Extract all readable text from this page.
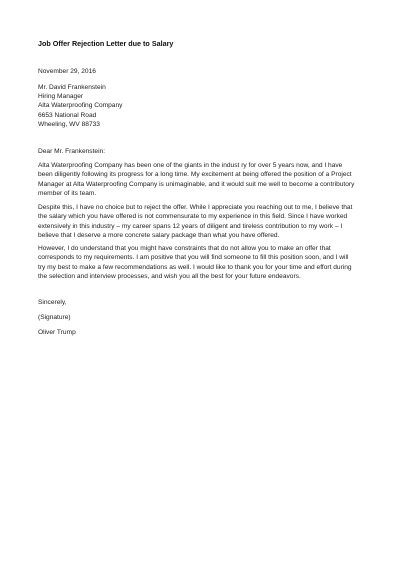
Job Offer Rejection Letter due to Salary
November 29, 2016
Mr. David Frankenstein
Hiring Manager
Alta Waterproofing Company
6653 National Road
Wheeling, WV 88733
Dear Mr. Frankenstein:
Alta Waterproofing Company has been one of the giants in the indust ry for over 5 years now, and I have
been diligently following its progress for a long time. My excitement at being offered the position of a Project
Manager at Alta Waterproofing Company is unimaginable, and it would suit me well to become a contributory
member of its team.
Despite this, I have no choice but to reject the offer. While I appreciate you reaching out to me, I believe that
the salary which you have offered is not commensurate to my experience in this field. Since I have worked
extensively in this industry – my career spans 12 years of diligent and tireless contribution to my work – I
believe that I deserve a more concrete salary package than what you have offered.
However, I do understand that you might have constraints that do not allow you to make an offer that
corresponds to my requirements. I am positive that you will find someone to fill this position soon, and I will
try my best to make a few recommendations as well. I would like to thank you for your time and effort during
the selection and interview processes, and wish you all the best for your future endeavors.
Sincerely,
(Signature)
Oliver Trump
